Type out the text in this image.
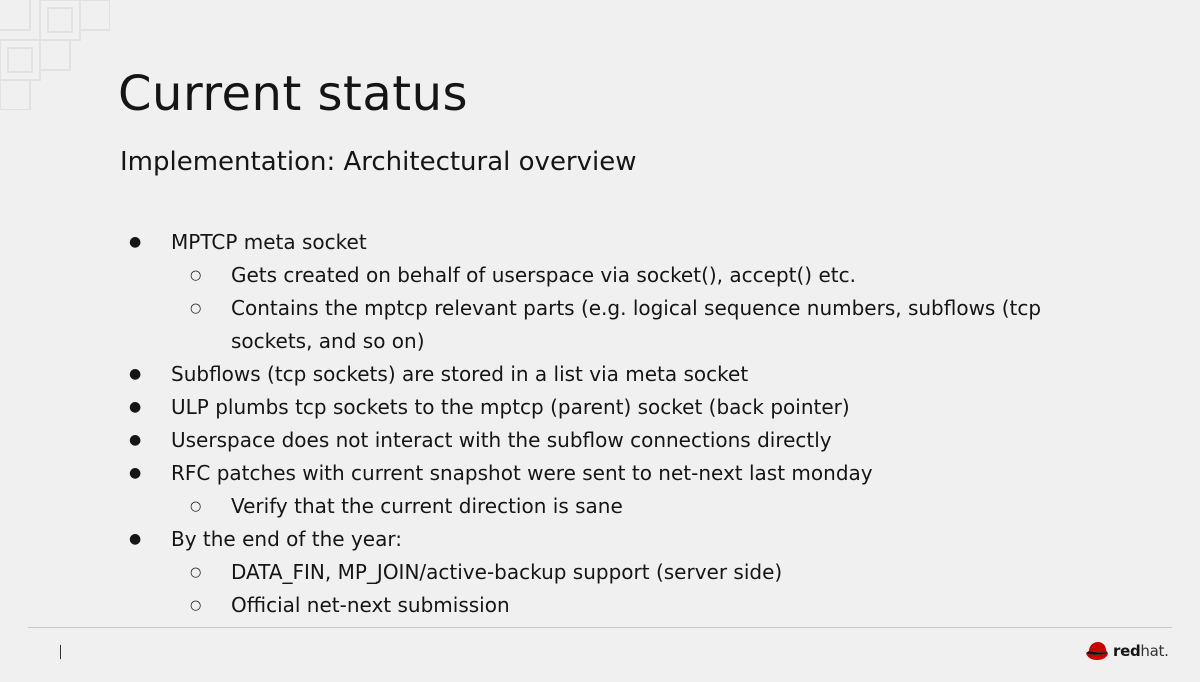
Current status
Implementation: Architectural overview
● MPTCP meta socket
○ Gets created on behalf of userspace via socket(), accept() etc.
○ Contains the mptcp relevant parts (e.g. logical sequence numbers, subflows (tcp sockets, and so on)
● Subflows (tcp sockets) are stored in a list via meta socket
● ULP plumbs tcp sockets to the mptcp (parent) socket (back pointer)
● Userspace does not interact with the subflow connections directly
● RFC patches with current snapshot were sent to net-next last monday
○ Verify that the current direction is sane
● By the end of the year:
○ DATA_FIN, MP_JOIN/active-backup support (server side)
○ Official net-next submission
redhat.
